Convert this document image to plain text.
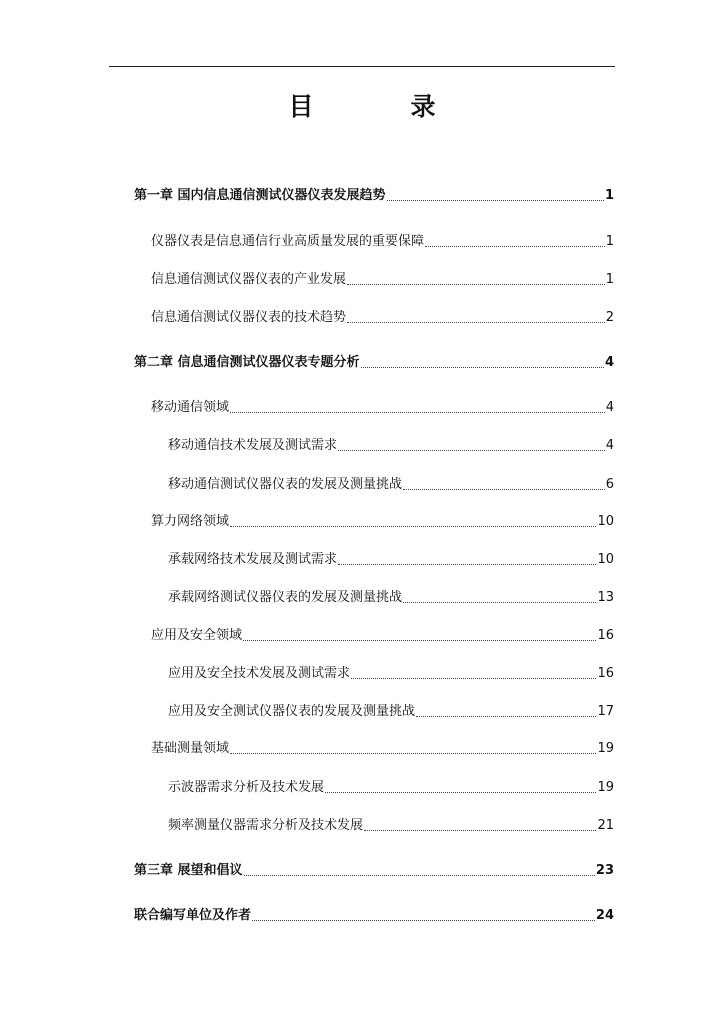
目　录
第一章 国内信息通信测试仪器仪表发展趋势	1
仪器仪表是信息通信行业高质量发展的重要保障	1
信息通信测试仪器仪表的产业发展	1
信息通信测试仪器仪表的技术趋势	2
第二章 信息通信测试仪器仪表专题分析	4
移动通信领域	4
移动通信技术发展及测试需求	4
移动通信测试仪器仪表的发展及测量挑战	6
算力网络领域	10
承载网络技术发展及测试需求	10
承载网络测试仪器仪表的发展及测量挑战	13
应用及安全领域	16
应用及安全技术发展及测试需求	16
应用及安全测试仪器仪表的发展及测量挑战	17
基础测量领域	19
示波器需求分析及技术发展	19
频率测量仪器需求分析及技术发展	21
第三章 展望和倡议	23
联合编写单位及作者	24
